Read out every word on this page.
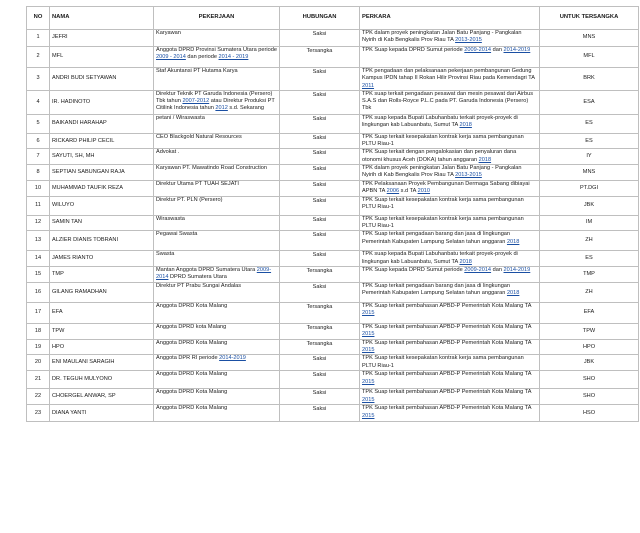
NO	NAMA	PEKERJAAN	HUBUNGAN	PERKARA	UNTUK TERSANGKA
1	JEFRI	Karyawan	Saksi	TPK dalam proyek peningkatan Jalan Batu Panjang - Pangkalan Nyirih di Kab Bengkalis Prov Riau TA 2013-2015	MNS
2	MFL	Anggota DPRD Provinsi Sumatera Utara periode 2009 - 2014 dan periode 2014 - 2019	Tersangka	TPK Suap kepada DPRD Sumut periode 2009-2014 dan 2014-2019	MFL
3	ANDRI BUDI SETYAWAN	Staf Akuntansi PT Hutama Karya	Saksi	TPK pengadaan dan pelaksanaan pekerjaan pembangunan Gedung Kampus IPDN tahap II Rokan Hilir Provinsi Riau pada Kemendagri TA 2011	BRK
4	IR. HADINOTO	Direktur Teknik PT Garuda Indonesia (Persero) Tbk tahun 2007-2012 atau Direktur Produksi PT Citilink Indonesia tahun 2012 s.d. Sekarang	Saksi	TPK suap terkait pengadaan pesawat dan mesin pesawat dari Airbus S.A.S dan Rolls-Royce P.L.C pada PT. Garuda Indonesia (Persero) Tbk	ESA
5	BAIKANDI HARAHAP	petani / Wiraswasta	Saksi	TPK suap kepada Bupati Labuhanbatu terkait proyek-proyek di lingkungan kab Labuanbatu, Sumut TA 2018	ES
6	RICKARD PHILIP CECIL	CEO Blackgold Natural Resources	Saksi	TPK Suap terkait kesepakatan kontrak kerja sama pembangunan PLTU Riau-1	ES
7	SAYUTI, SH, MH	Advokat .	Saksi	TPK Suap terkait dengan pengalokasian dan penyaluran dana otonomi khusus Aceh (DOKA) tahun anggaran 2018	IY
8	SEPTIAN SABUNGAN RAJA	Karyawan PT. Mawatindo Road Construction	Saksi	TPK dalam proyek peningkatan Jalan Batu Panjang - Pangkalan Nyirih di Kab Bengkalis Prov Riau TA 2013-2015	MNS
10	MUHAMMAD TAUFIK REZA	Direktur Utama PT TUAH SEJATI	Saksi	TPK Pelaksanaan Proyek Pembangunan Dermaga Sabang dibiayai APBN TA 2006 s.d TA 2010	PT.DGI
11	WILUYO	Direktur PT. PLN (Persero)	Saksi	TPK Suap terkait kesepakatan kontrak kerja sama pembangunan PLTU Riau-1	JBK
12	SAMIN TAN	Wiraswasta	Saksi	TPK Suap terkait kesepakatan kontrak kerja sama pembangunan PLTU Riau-1	IM
13	ALZIER DIANIS TOBRANI	Pegawai Swasta	Saksi	TPK Suap terkait pengadaan barang dan jasa di lingkungan Pemerintah Kabupaten Lampung Selatan tahun anggaran 2018	ZH
14	JAMES RIANTO	Swasta	Saksi	TPK suap kepada Bupati Labuhanbatu terkait proyek-proyek di lingkungan kab Labuanbatu, Sumut TA 2018	ES
15	TMP	Mantan Anggota DPRD Sumatera Utara 2009-2014 DPRD Sumatera Utara	Tersangka	TPK Suap kepada DPRD Sumut periode 2009-2014 dan 2014-2019	TMP
16	GILANG RAMADHAN	Direktur PT Prabu Sungai Andalas	Saksi	TPK Suap terkait pengadaan barang dan jasa di lingkungan Pemerintah Kabupaten Lampung Selatan tahun anggaran 2018	ZH
17	EFA	Anggota DPRD Kota Malang	Tersangka	TPK Suap terkait pembahasan APBD-P Pemerintah Kota Malang TA 2015	EFA
18	TPW	Anggota DPRD kota Malang	Tersangka	TPK Suap terkait pembahasan APBD-P Pemerintah Kota Malang TA 2015	TPW
19	HPO	Anggota DPRD Kota Malang	Tersangka	TPK Suap terkait pembahasan APBD-P Pemerintah Kota Malang TA 2015	HPO
20	ENI MAULANI SARAGIH	Anggota DPR RI periode 2014-2019	Saksi	TPK Suap terkait kesepakatan kontrak kerja sama pembangunan PLTU Riau-1	JBK
21	DR. TEGUH MULYONO	Anggota DPRD Kota Malang	Saksi	TPK Suap terkait pembahasan APBD-P Pemerintah Kota Malang TA 2015	SHO
22	CHOERGEL ANWAR, SP	Anggota DPRD Kota Malang	Saksi	TPK Suap terkait pembahasan APBD-P Pemerintah Kota Malang TA 2015	SHO
23	DIANA YANTI	Anggota DPRD Kota Malang	Saksi	TPK Suap terkait pembahasan APBD-P Pemerintah Kota Malang TA 2015	HSO
